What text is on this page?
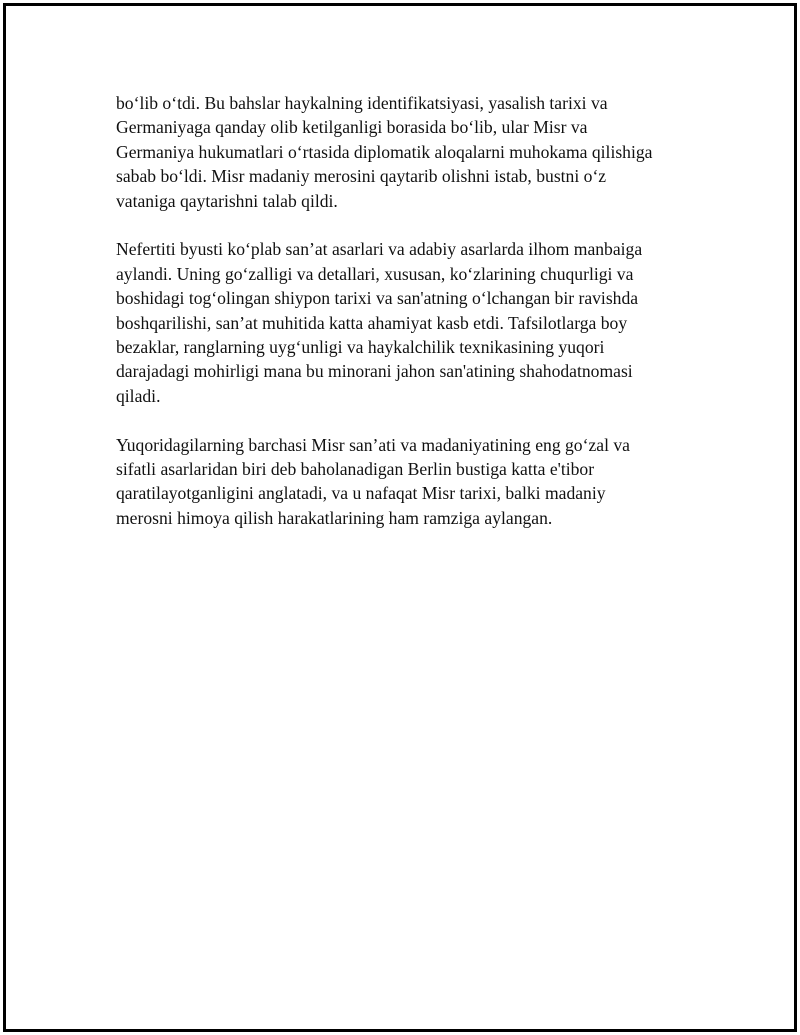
bo‘lib o‘tdi. Bu bahslar haykalning identifikatsiyasi, yasalish tarixi va
Germaniyaga qanday olib ketilganligi borasida bo‘lib, ular Misr va
Germaniya hukumatlari o‘rtasida diplomatik aloqalarni muhokama qilishiga
sabab bo‘ldi. Misr madaniy merosini qaytarib olishni istab, bustni o‘z
vataniga qaytarishni talab qildi.

Nefertiti byusti ko‘plab san’at asarlari va adabiy asarlarda ilhom manbaiga
aylandi. Uning go‘zalligi va detallari, xususan, ko‘zlarining chuqurligi va
boshidagi tog‘olingan shiypon tarixi va san'atning o‘lchangan bir ravishda
boshqarilishi, san’at muhitida katta ahamiyat kasb etdi. Tafsilotlarga boy
bezaklar, ranglarning uyg‘unligi va haykalchilik texnikasining yuqori
darajadagi mohirligi mana bu minorani jahon san'atining shahodatnomasi
qiladi.

Yuqoridagilarning barchasi Misr san’ati va madaniyatining eng go‘zal va
sifatli asarlaridan biri deb baholanadigan Berlin bustiga katta e'tibor
qaratilayotganligini anglatadi, va u nafaqat Misr tarixi, balki madaniy
merosni himoya qilish harakatlarining ham ramziga aylangan.
